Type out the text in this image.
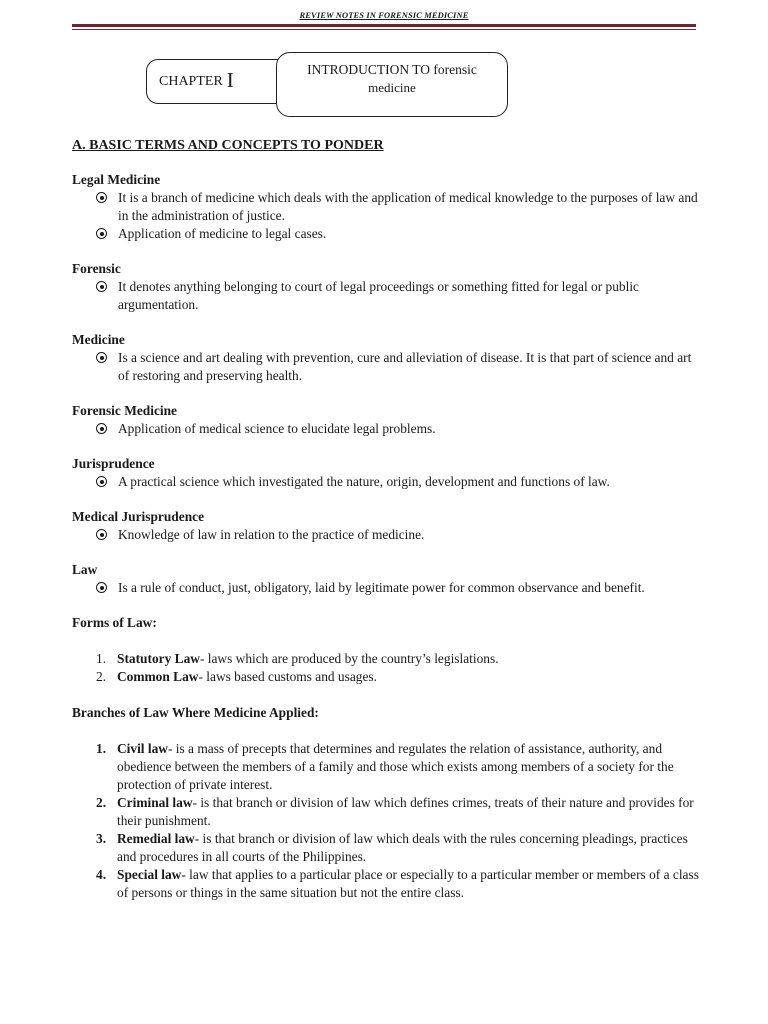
REVIEW NOTES IN FORENSIC MEDICINE
CHAPTER I	INTRODUCTION TO forensic
medicine
A. BASIC TERMS AND CONCEPTS TO PONDER
Legal Medicine
It is a branch of medicine which deals with the application of medical knowledge to the purposes of law and in the administration of justice.
Application of medicine to legal cases.
Forensic
It denotes anything belonging to court of legal proceedings or something fitted for legal or public argumentation.
Medicine
Is a science and art dealing with prevention, cure and alleviation of disease. It is that part of science and art of restoring and preserving health.
Forensic Medicine
Application of medical science to elucidate legal problems.
Jurisprudence
A practical science which investigated the nature, origin, development and functions of law.
Medical Jurisprudence
Knowledge of law in relation to the practice of medicine.
Law
Is a rule of conduct, just, obligatory, laid by legitimate power for common observance and benefit.
Forms of Law:
1. Statutory Law- laws which are produced by the country’s legislations.
2. Common Law- laws based customs and usages.
Branches of Law Where Medicine Applied:
1. Civil law- is a mass of precepts that determines and regulates the relation of assistance, authority, and obedience between the members of a family and those which exists among members of a society for the protection of private interest.
2. Criminal law- is that branch or division of law which defines crimes, treats of their nature and provides for their punishment.
3. Remedial law- is that branch or division of law which deals with the rules concerning pleadings, practices and procedures in all courts of the Philippines.
4. Special law- law that applies to a particular place or especially to a particular member or members of a class of persons or things in the same situation but not the entire class.
